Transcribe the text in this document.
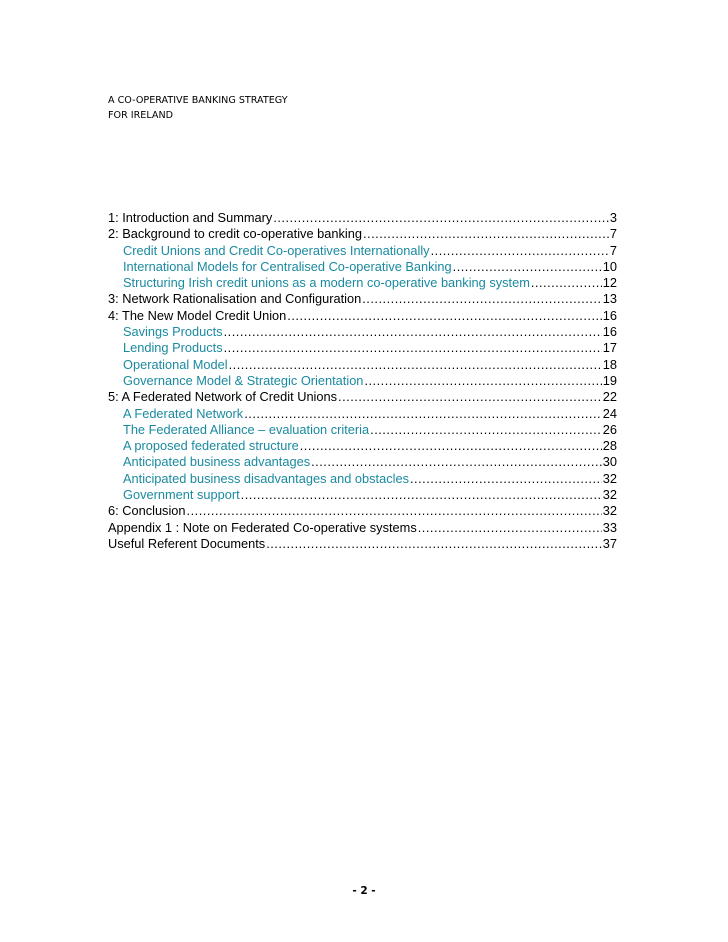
A CO-OPERATIVE BANKING STRATEGY
FOR IRELAND
1: Introduction and Summary .....	3
2: Background to credit co-operative banking .....	7
Credit Unions and Credit Co-operatives Internationally .....	7
International Models for Centralised Co-operative Banking .....	10
Structuring Irish credit unions as a modern co-operative banking system .....	12
3: Network Rationalisation and Configuration .....	13
4: The New Model Credit Union .....	16
Savings Products .....	16
Lending Products .....	17
Operational Model .....	18
Governance Model & Strategic Orientation .....	19
5: A Federated Network of Credit Unions .....	22
A Federated Network .....	24
The Federated Alliance – evaluation criteria .....	26
A proposed federated structure .....	28
Anticipated business advantages .....	30
Anticipated business disadvantages and obstacles .....	32
Government support .....	32
6: Conclusion .....	32
Appendix 1 : Note on Federated Co-operative systems .....	33
Useful Referent Documents .....	37
- 2 -
